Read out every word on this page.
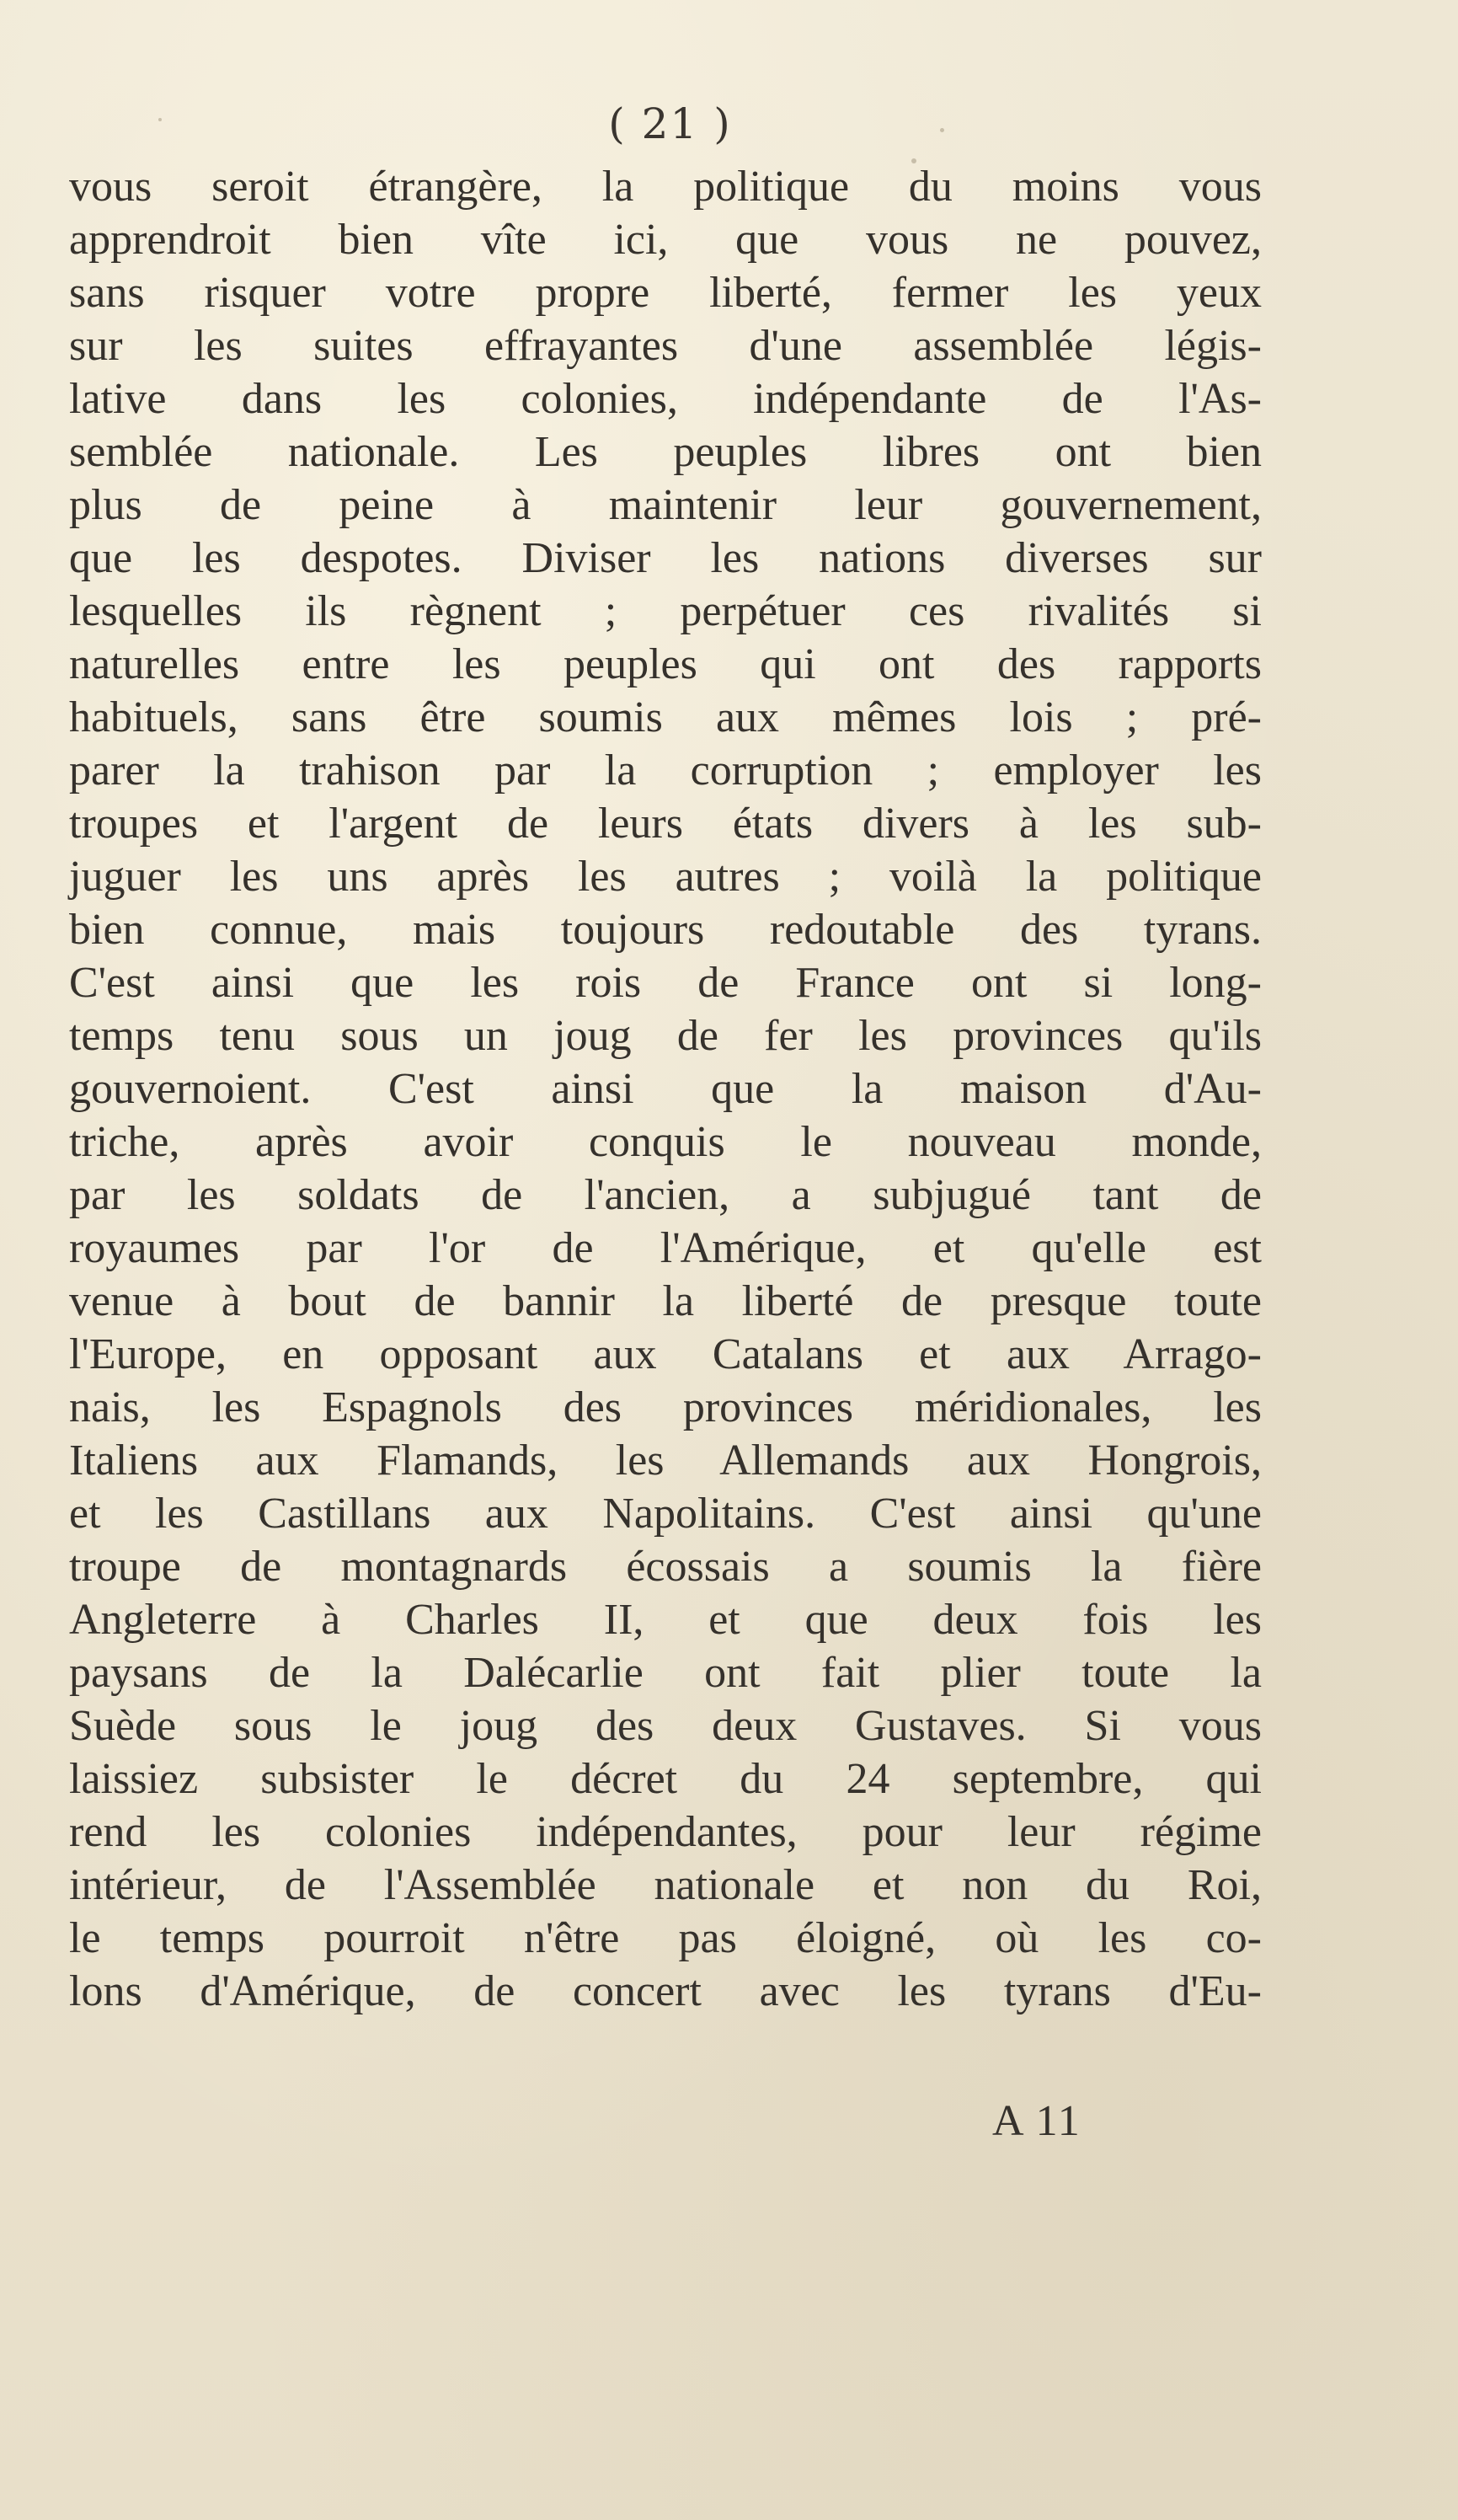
( 21 )
vous seroit étrangère, la politique du moins vous
apprendroit bien vîte ici, que vous ne pouvez,
sans risquer votre propre liberté, fermer les yeux
sur les suites effrayantes d'une assemblée légis-
lative dans les colonies, indépendante de l'As-
semblée nationale. Les peuples libres ont bien
plus de peine à maintenir leur gouvernement,
que les despotes. Diviser les nations diverses sur
lesquelles ils règnent ; perpétuer ces rivalités si
naturelles entre les peuples qui ont des rapports
habituels, sans être soumis aux mêmes lois ; pré-
parer la trahison par la corruption ; employer les
troupes et l'argent de leurs états divers à les sub-
juguer les uns après les autres ; voilà la politique
bien connue, mais toujours redoutable des tyrans.
C'est ainsi que les rois de France ont si long-
temps tenu sous un joug de fer les provinces qu'ils
gouvernoient. C'est ainsi que la maison d'Au-
triche, après avoir conquis le nouveau monde,
par les soldats de l'ancien, a subjugué tant de
royaumes par l'or de l'Amérique, et qu'elle est
venue à bout de bannir la liberté de presque toute
l'Europe, en opposant aux Catalans et aux Arrago-
nais, les Espagnols des provinces méridionales, les
Italiens aux Flamands, les Allemands aux Hongrois,
et les Castillans aux Napolitains. C'est ainsi qu'une
troupe de montagnards écossais a soumis la fière
Angleterre à Charles II, et que deux fois les
paysans de la Dalécarlie ont fait plier toute la
Suède sous le joug des deux Gustaves. Si vous
laissiez subsister le décret du 24 septembre, qui
rend les colonies indépendantes, pour leur régime
intérieur, de l'Assemblée nationale et non du Roi,
le temps pourroit n'être pas éloigné, où les co-
lons d'Amérique, de concert avec les tyrans d'Eu-
A 11
